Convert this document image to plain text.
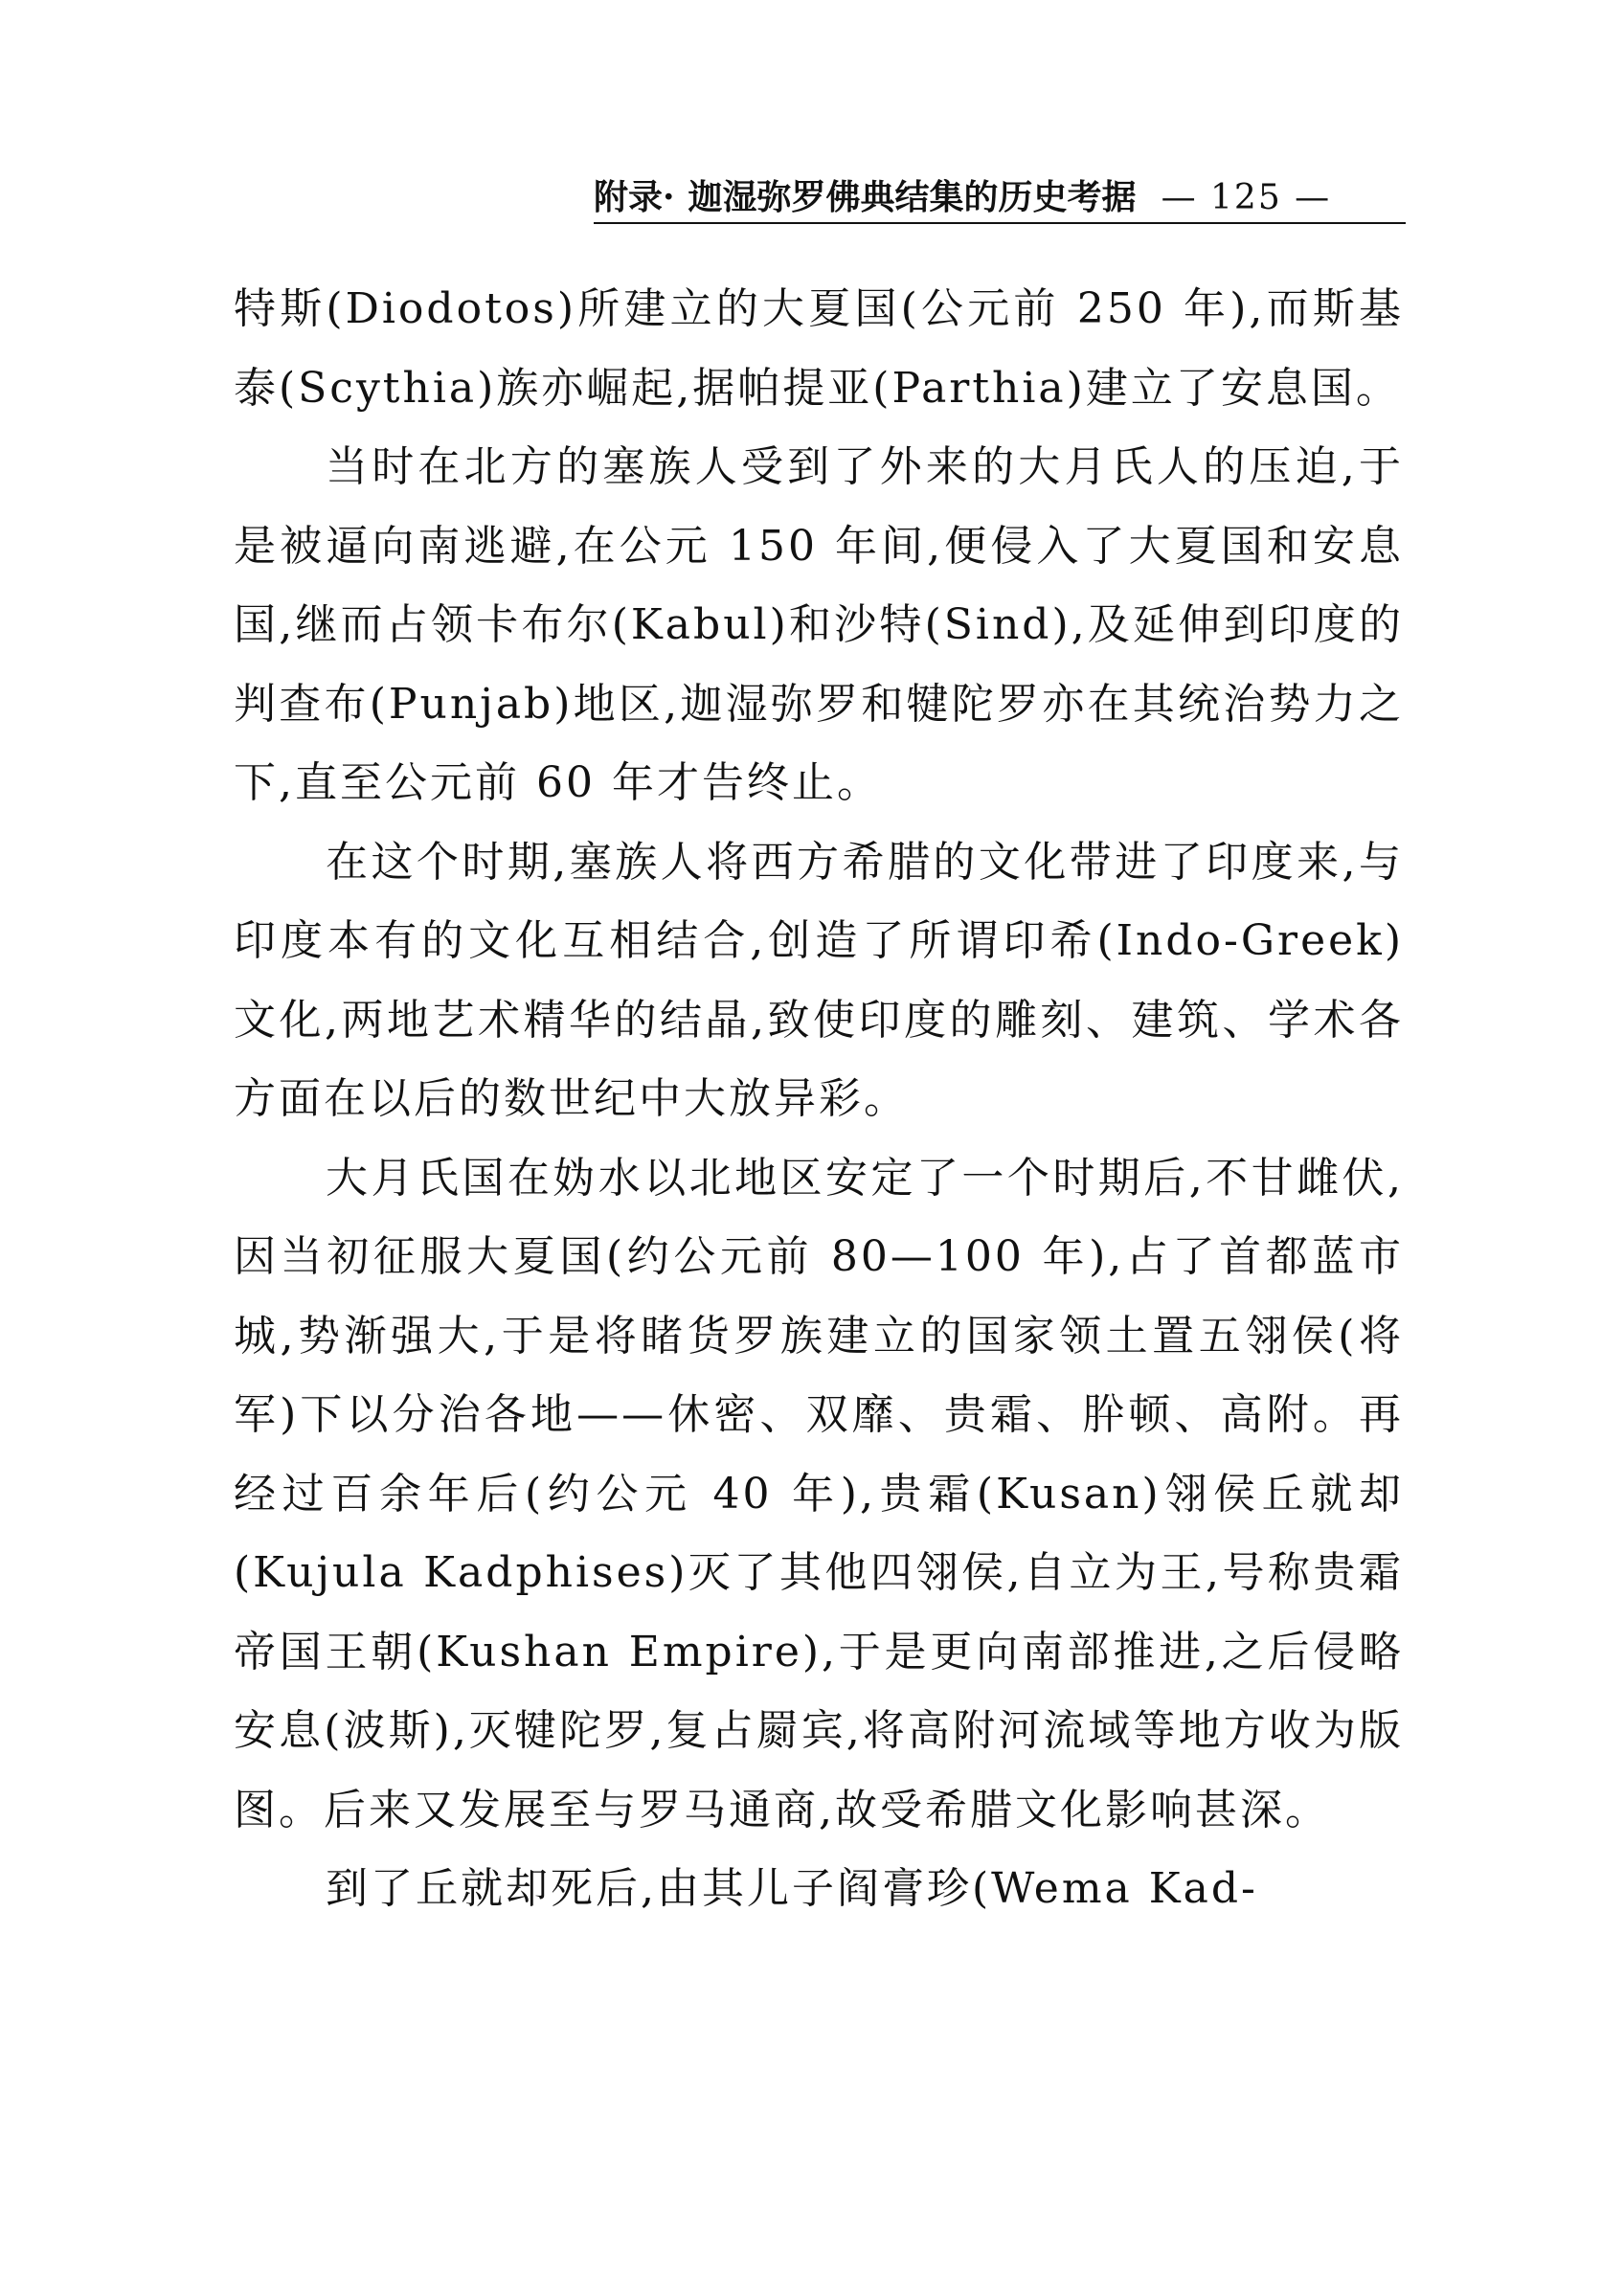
附录· 迦湿弥罗佛典结集的历史考据 — 125 —

特斯(Diodotos)所建立的大夏国(公元前 250 年),而斯基泰(Scythia)族亦崛起,据帕提亚(Parthia)建立了安息国。

当时在北方的塞族人受到了外来的大月氏人的压迫,于是被逼向南逃避,在公元 150 年间,便侵入了大夏国和安息国,继而占领卡布尔(Kabul)和沙特(Sind),及延伸到印度的判查布(Punjab)地区,迦湿弥罗和犍陀罗亦在其统治势力之下,直至公元前 60 年才告终止。

在这个时期,塞族人将西方希腊的文化带进了印度来,与印度本有的文化互相结合,创造了所谓印希(Indo-Greek)文化,两地艺术精华的结晶,致使印度的雕刻、建筑、学术各方面在以后的数世纪中大放异彩。

大月氏国在妫水以北地区安定了一个时期后,不甘雌伏,因当初征服大夏国(约公元前 80—100 年),占了首都蓝市城,势渐强大,于是将睹货罗族建立的国家领土置五翎侯(将军)下以分治各地——休密、双靡、贵霜、肸顿、高附。再经过百余年后(约公元 40 年),贵霜(Kusan)翎侯丘就却(Kujula Kadphises)灭了其他四翎侯,自立为王,号称贵霜帝国王朝(Kushan Empire),于是更向南部推进,之后侵略安息(波斯),灭犍陀罗,复占罽宾,将高附河流域等地方收为版图。后来又发展至与罗马通商,故受希腊文化影响甚深。

到了丘就却死后,由其儿子阎膏珍(Wema Kad-
